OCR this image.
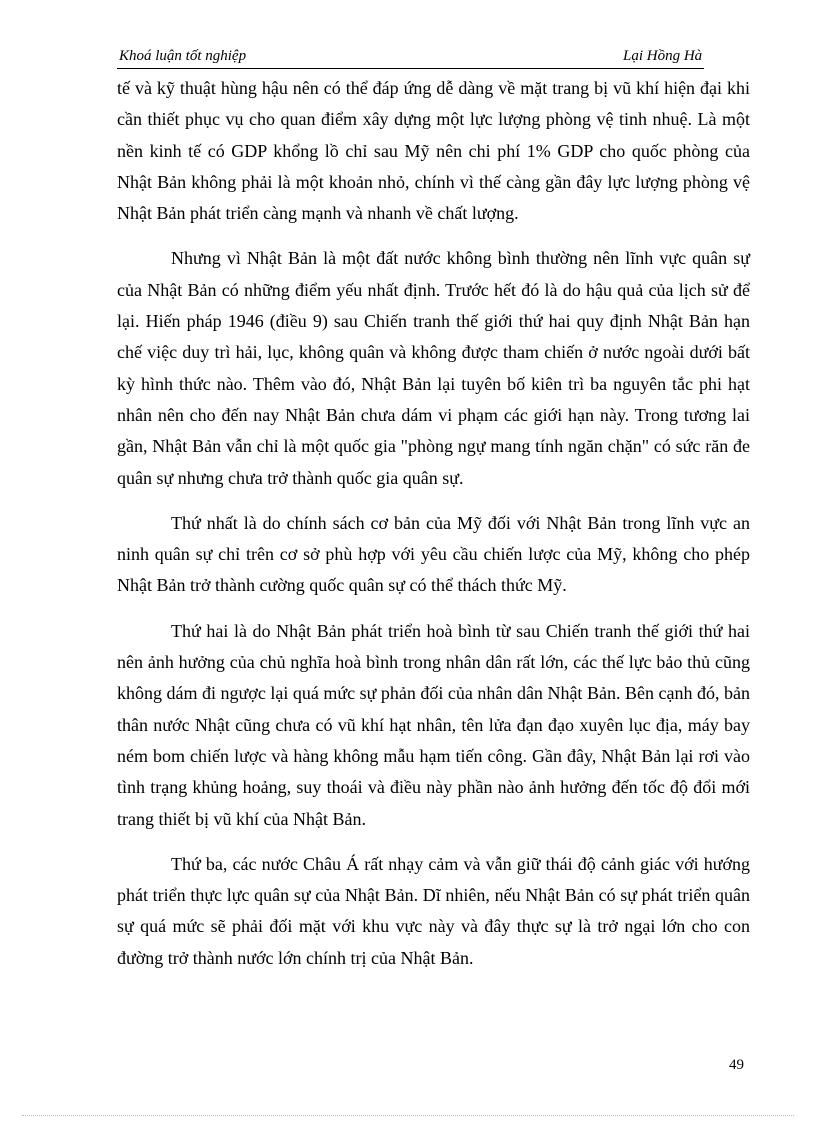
Khoá luận tốt nghiệp	Lại Hồng Hà

tế và kỹ thuật hùng hậu nên có thể đáp ứng dễ dàng về mặt trang bị vũ khí hiện đại khi cần thiết phục vụ cho quan điểm xây dựng một lực lượng phòng vệ tinh nhuệ. Là một nền kinh tế có GDP khổng lồ chỉ sau Mỹ nên chi phí 1% GDP cho quốc phòng của Nhật Bản không phải là một khoản nhỏ, chính vì thế càng gần đây lực lượng phòng vệ Nhật Bản phát triển càng mạnh và nhanh về chất lượng.

Nhưng vì Nhật Bản là một đất nước không bình thường nên lĩnh vực quân sự của Nhật Bản có những điểm yếu nhất định. Trước hết đó là do hậu quả của lịch sử để lại. Hiến pháp 1946 (điều 9) sau Chiến tranh thế giới thứ hai quy định Nhật Bản hạn chế việc duy trì hải, lục, không quân và không được tham chiến ở nước ngoài dưới bất kỳ hình thức nào. Thêm vào đó, Nhật Bản lại tuyên bố kiên trì ba nguyên tắc phi hạt nhân nên cho đến nay Nhật Bản chưa dám vi phạm các giới hạn này. Trong tương lai gần, Nhật Bản vẫn chỉ là một quốc gia "phòng ngự mang tính ngăn chặn" có sức răn đe quân sự nhưng chưa trở thành quốc gia quân sự.

Thứ nhất là do chính sách cơ bản của Mỹ đối với Nhật Bản trong lĩnh vực an ninh quân sự chỉ trên cơ sở phù hợp với yêu cầu chiến lược của Mỹ, không cho phép Nhật Bản trở thành cường quốc quân sự có thể thách thức Mỹ.

Thứ hai là do Nhật Bản phát triển hoà bình từ sau Chiến tranh thế giới thứ hai nên ảnh hưởng của chủ nghĩa hoà bình trong nhân dân rất lớn, các thế lực bảo thủ cũng không dám đi ngược lại quá mức sự phản đối của nhân dân Nhật Bản. Bên cạnh đó, bản thân nước Nhật cũng chưa có vũ khí hạt nhân, tên lửa đạn đạo xuyên lục địa, máy bay ném bom chiến lược và hàng không mẫu hạm tiến công. Gần đây, Nhật Bản lại rơi vào tình trạng khủng hoảng, suy thoái và điều này phần nào ảnh hưởng đến tốc độ đổi mới trang thiết bị vũ khí của Nhật Bản.

Thứ ba, các nước Châu Á rất nhạy cảm và vẫn giữ thái độ cảnh giác với hướng phát triển thực lực quân sự của Nhật Bản. Dĩ nhiên, nếu Nhật Bản có sự phát triển quân sự quá mức sẽ phải đối mặt với khu vực này và đây thực sự là trở ngại lớn cho con đường trở thành nước lớn chính trị của Nhật Bản.

49
